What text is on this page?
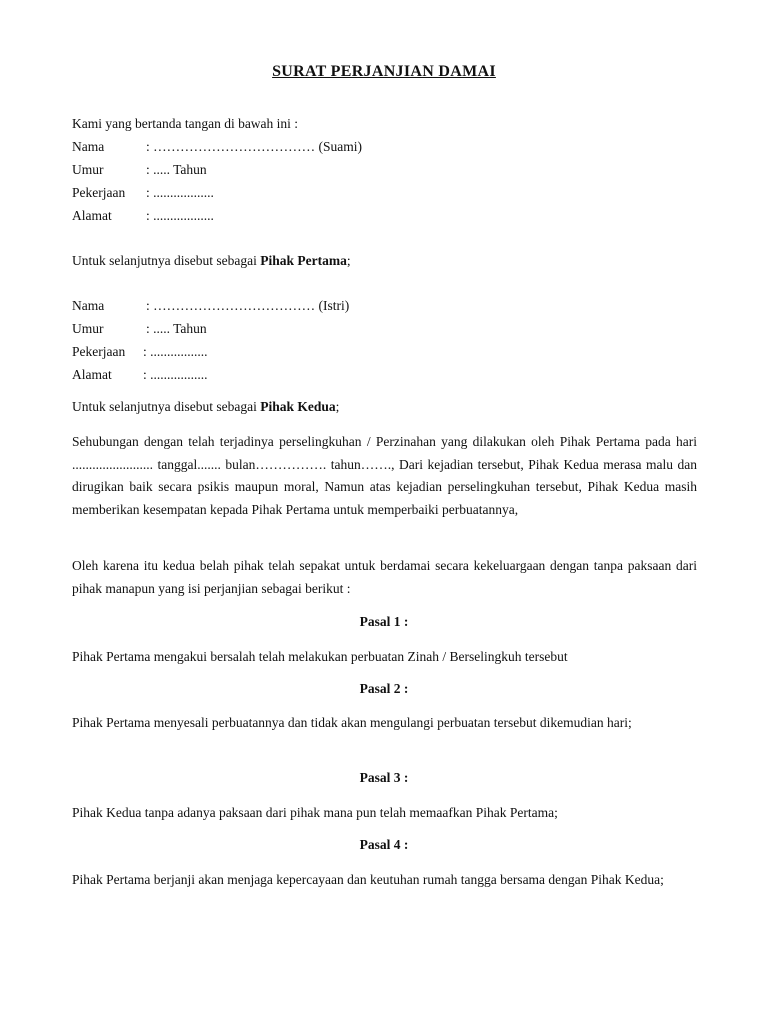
SURAT PERJANJIAN DAMAI
Kami yang bertanda tangan di bawah ini :
Nama	: ……………………………… (Suami)
Umur	: ..... Tahun
Pekerjaan : ..................
Alamat	: ..................
Untuk selanjutnya disebut sebagai Pihak Pertama;
Nama	: ……………………………… (Istri)
Umur	: ..... Tahun
Pekerjaan : .................
Alamat : .................
Untuk selanjutnya disebut sebagai Pihak Kedua;
Sehubungan dengan telah terjadinya perselingkuhan / Perzinahan yang dilakukan oleh Pihak Pertama pada hari ........................ tanggal....... bulan……………. tahun……., Dari kejadian tersebut, Pihak Kedua merasa malu dan dirugikan baik secara psikis maupun moral, Namun atas kejadian perselingkuhan tersebut, Pihak Kedua masih memberikan kesempatan kepada Pihak Pertama untuk memperbaiki perbuatannya,
Oleh karena itu kedua belah pihak telah sepakat untuk berdamai secara kekeluargaan dengan tanpa paksaan dari pihak manapun yang isi perjanjian sebagai berikut :
Pasal 1 :
Pihak Pertama mengakui bersalah telah melakukan perbuatan Zinah / Berselingkuh tersebut
Pasal 2 :
Pihak Pertama menyesali perbuatannya dan tidak akan mengulangi perbuatan tersebut dikemudian hari;
Pasal 3 :
Pihak Kedua tanpa adanya paksaan dari pihak mana pun telah memaafkan Pihak Pertama;
Pasal 4 :
Pihak Pertama berjanji akan menjaga kepercayaan dan keutuhan rumah tangga bersama dengan Pihak Kedua;
